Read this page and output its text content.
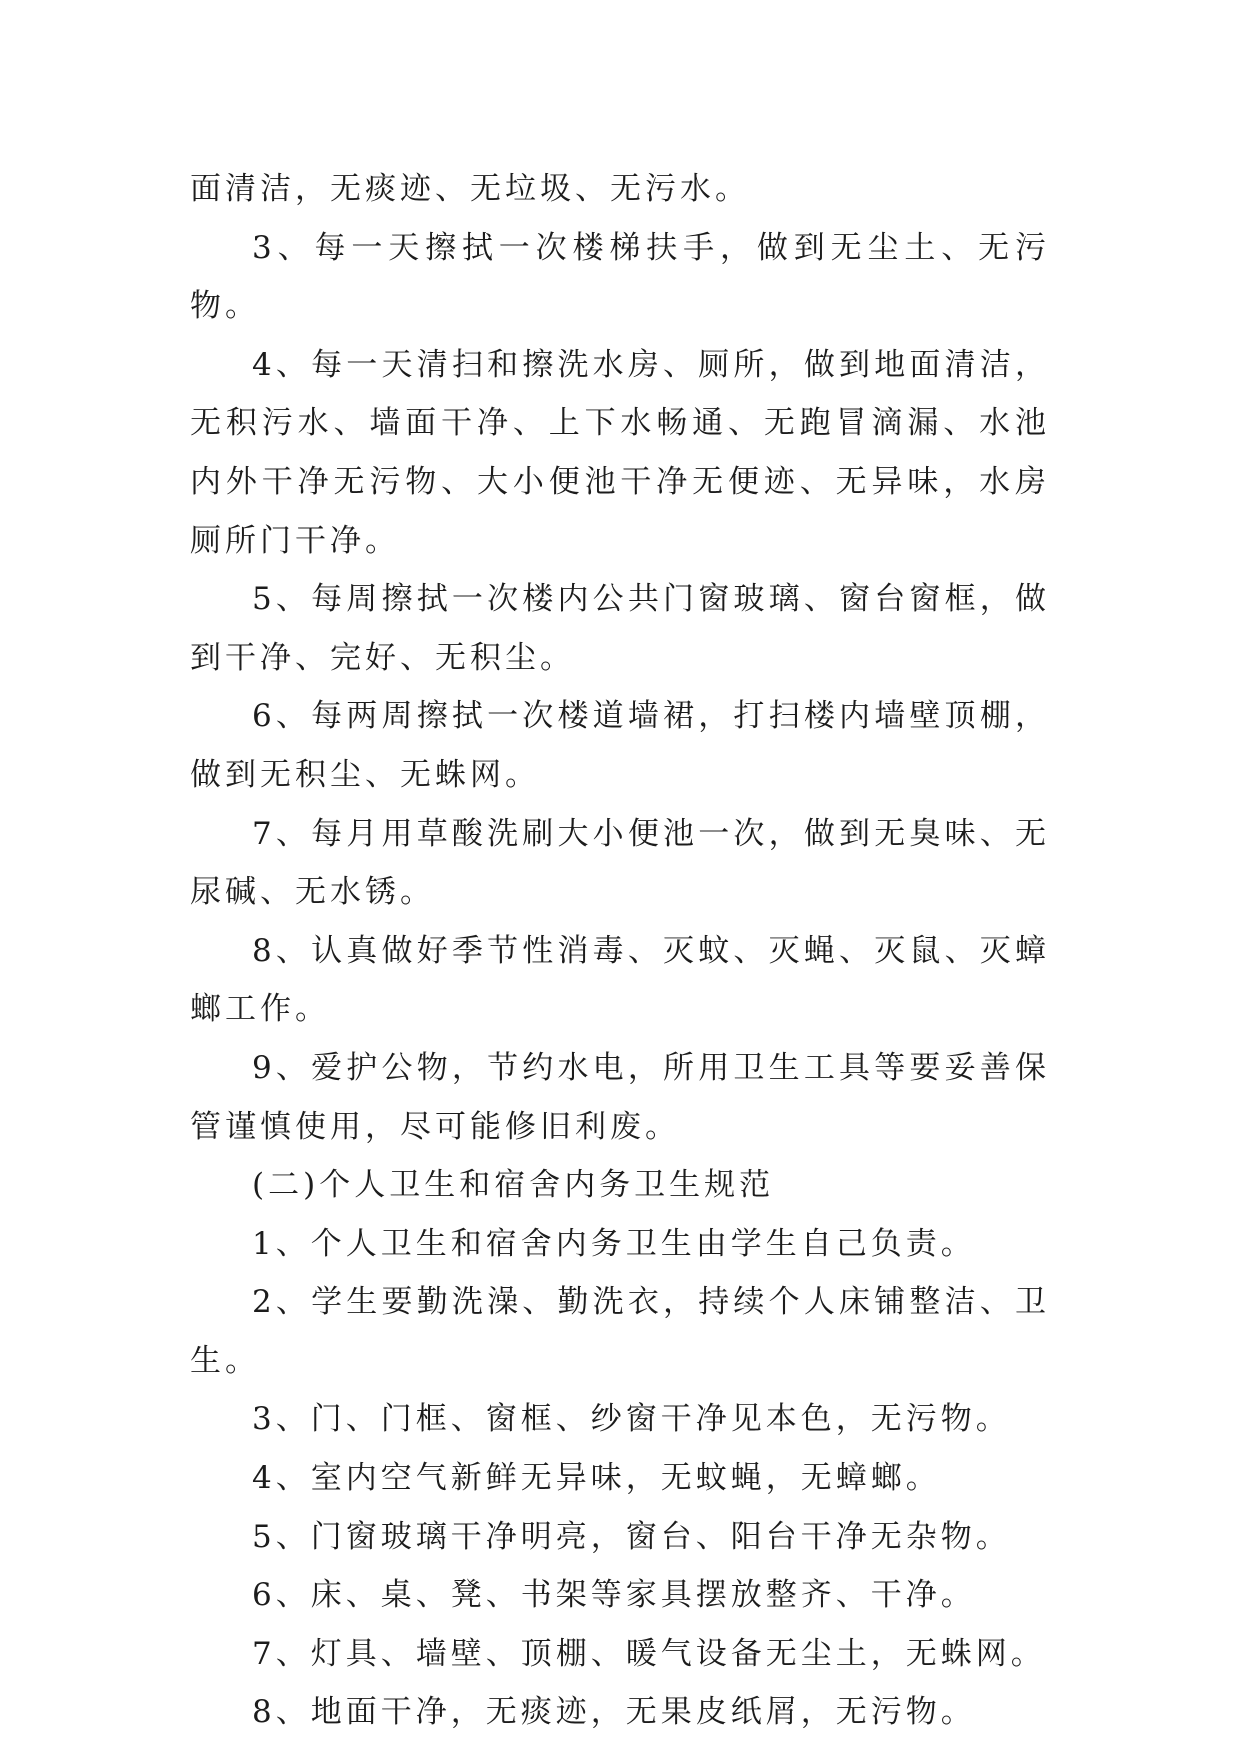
面清洁，无痰迹、无垃圾、无污水。

3、每一天擦拭一次楼梯扶手，做到无尘土、无污物。

4、每一天清扫和擦洗水房、厕所，做到地面清洁，无积污水、墙面干净、上下水畅通、无跑冒滴漏、水池内外干净无污物、大小便池干净无便迹、无异味，水房厕所门干净。

5、每周擦拭一次楼内公共门窗玻璃、窗台窗框，做到干净、完好、无积尘。

6、每两周擦拭一次楼道墙裙，打扫楼内墙壁顶棚，做到无积尘、无蛛网。

7、每月用草酸洗刷大小便池一次，做到无臭味、无尿碱、无水锈。

8、认真做好季节性消毒、灭蚊、灭蝇、灭鼠、灭蟑螂工作。

9、爱护公物，节约水电，所用卫生工具等要妥善保管谨慎使用，尽可能修旧利废。

(二)个人卫生和宿舍内务卫生规范

1、个人卫生和宿舍内务卫生由学生自己负责。

2、学生要勤洗澡、勤洗衣，持续个人床铺整洁、卫生。

3、门、门框、窗框、纱窗干净见本色，无污物。

4、室内空气新鲜无异味，无蚊蝇，无蟑螂。

5、门窗玻璃干净明亮，窗台、阳台干净无杂物。

6、床、桌、凳、书架等家具摆放整齐、干净。

7、灯具、墙壁、顶棚、暖气设备无尘土，无蛛网。

8、地面干净，无痰迹，无果皮纸屑，无污物。
